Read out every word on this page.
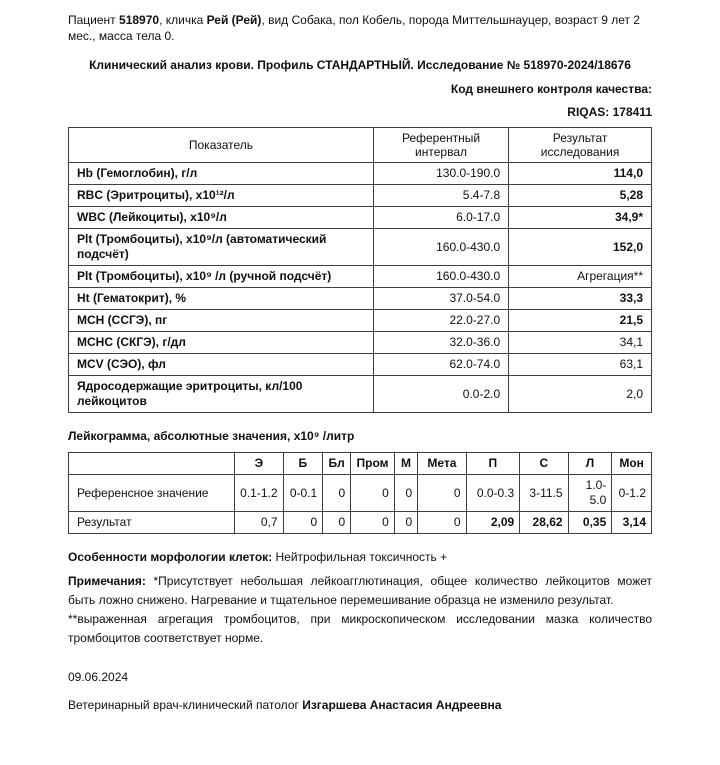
Пациент 518970, кличка Рей (Рей), вид Собака, пол Кобель, порода Миттельшнауцер, возраст 9 лет 2 мес., масса тела 0.
Клинический анализ крови. Профиль СТАНДАРТНЫЙ. Исследование № 518970-2024/18676
Код внешнего контроля качества:
RIQAS: 178411
Показатель	Референтный интервал	Результат исследования
Hb (Гемоглобин), г/л	130.0-190.0	114,0
RBC (Эритроциты), х10¹²/л	5.4-7.8	5,28
WBC (Лейкоциты), х10⁹/л	6.0-17.0	34,9*
Plt (Тромбоциты), х10⁹/л (автоматический подсчёт)	160.0-430.0	152,0
Plt (Тромбоциты), х10⁹ /л (ручной подсчёт)	160.0-430.0	Агрегация**
Ht (Гематокрит), %	37.0-54.0	33,3
MCH (ССГЭ), пг	22.0-27.0	21,5
MCHC (СКГЭ), г/дл	32.0-36.0	34,1
MCV (СЭО), фл	62.0-74.0	63,1
Ядросодержащие эритроциты, кл/100 лейкоцитов	0.0-2.0	2,0
Лейкограмма, абсолютные значения, х10⁹ /литр
	Э	Б	Бл	Пром	М	Мета	П	С	Л	Мон
Референсное значение	0.1-1.2	0-0.1	0	0	0	0	0.0-0.3	3-11.5	1.0-5.0	0-1.2
Результат	0,7	0	0	0	0	0	2,09	28,62	0,35	3,14
Особенности морфологии клеток: Нейтрофильная токсичность +
Примечания: *Присутствует небольшая лейкоагглютинация, общее количество лейкоцитов может быть ложно снижено. Нагревание и тщательное перемешивание образца не изменило результат.
**выраженная агрегация тромбоцитов, при микроскопическом исследовании мазка количество тромбоцитов соответствует норме.
09.06.2024
Ветеринарный врач-клинический патолог Изгаршева Анастасия Андреевна
